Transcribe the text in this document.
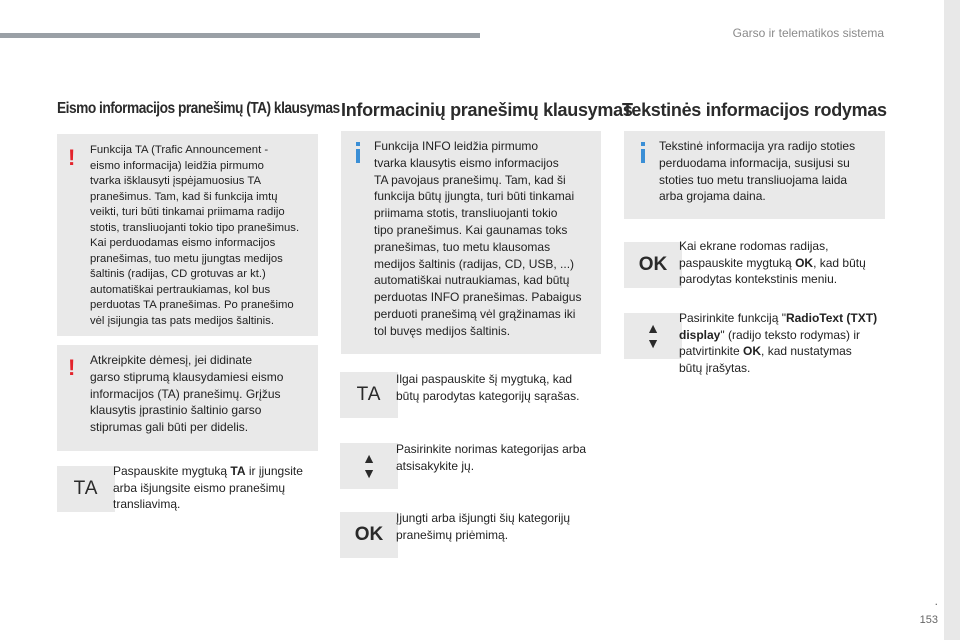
Garso ir telematikos sistema
.
153
Eismo informacijos pranešimų (TA) klausymas
! Funkcija TA (Trafic Announcement -
eismo informacija) leidžia pirmumo
tvarka išklausyti įspėjamuosius TA
pranešimus. Tam, kad ši funkcija imtų
veikti, turi būti tinkamai priimama radijo
stotis, transliuojanti tokio tipo pranešimus.
Kai perduodamas eismo informacijos
pranešimas, tuo metu įjungtas medijos
šaltinis (radijas, CD grotuvas ar kt.)
automatiškai pertraukiamas, kol bus
perduotas TA pranešimas. Po pranešimo
vėl įsijungia tas pats medijos šaltinis.
! Atkreipkite dėmesį, jei didinate
garso stiprumą klausydamiesi eismo
informacijos (TA) pranešimų. Grįžus
klausytis įprastinio šaltinio garso
stiprumas gali būti per didelis.
TA
Paspauskite mygtuką TA ir įjungsite
arba išjungsite eismo pranešimų
transliavimą.
Informacinių pranešimų klausymas
Funkcija INFO leidžia pirmumo
tvarka klausytis eismo informacijos
TA pavojaus pranešimų. Tam, kad ši
funkcija būtų įjungta, turi būti tinkamai
priimama stotis, transliuojanti tokio
tipo pranešimus. Kai gaunamas toks
pranešimas, tuo metu klausomas
medijos šaltinis (radijas, CD, USB, ...)
automatiškai nutraukiamas, kad būtų
perduotas INFO pranešimas. Pabaigus
perduoti pranešimą vėl grąžinamas iki
tol buvęs medijos šaltinis.
TA
Ilgai paspauskite šį mygtuką, kad
būtų parodytas kategorijų sąrašas.
▲
▼
Pasirinkite norimas kategorijas arba
atsisakykite jų.
OK
Įjungti arba išjungti šių kategorijų
pranešimų priėmimą.
Tekstinės informacijos rodymas
Tekstinė informacija yra radijo stoties
perduodama informacija, susijusi su
stoties tuo metu transliuojama laida
arba grojama daina.
OK
Kai ekrane rodomas radijas,
paspauskite mygtuką OK, kad būtų
parodytas kontekstinis meniu.
▲
▼
Pasirinkite funkciją "RadioText (TXT)
display" (radijo teksto rodymas) ir
patvirtinkite OK, kad nustatymas
būtų įrašytas.
